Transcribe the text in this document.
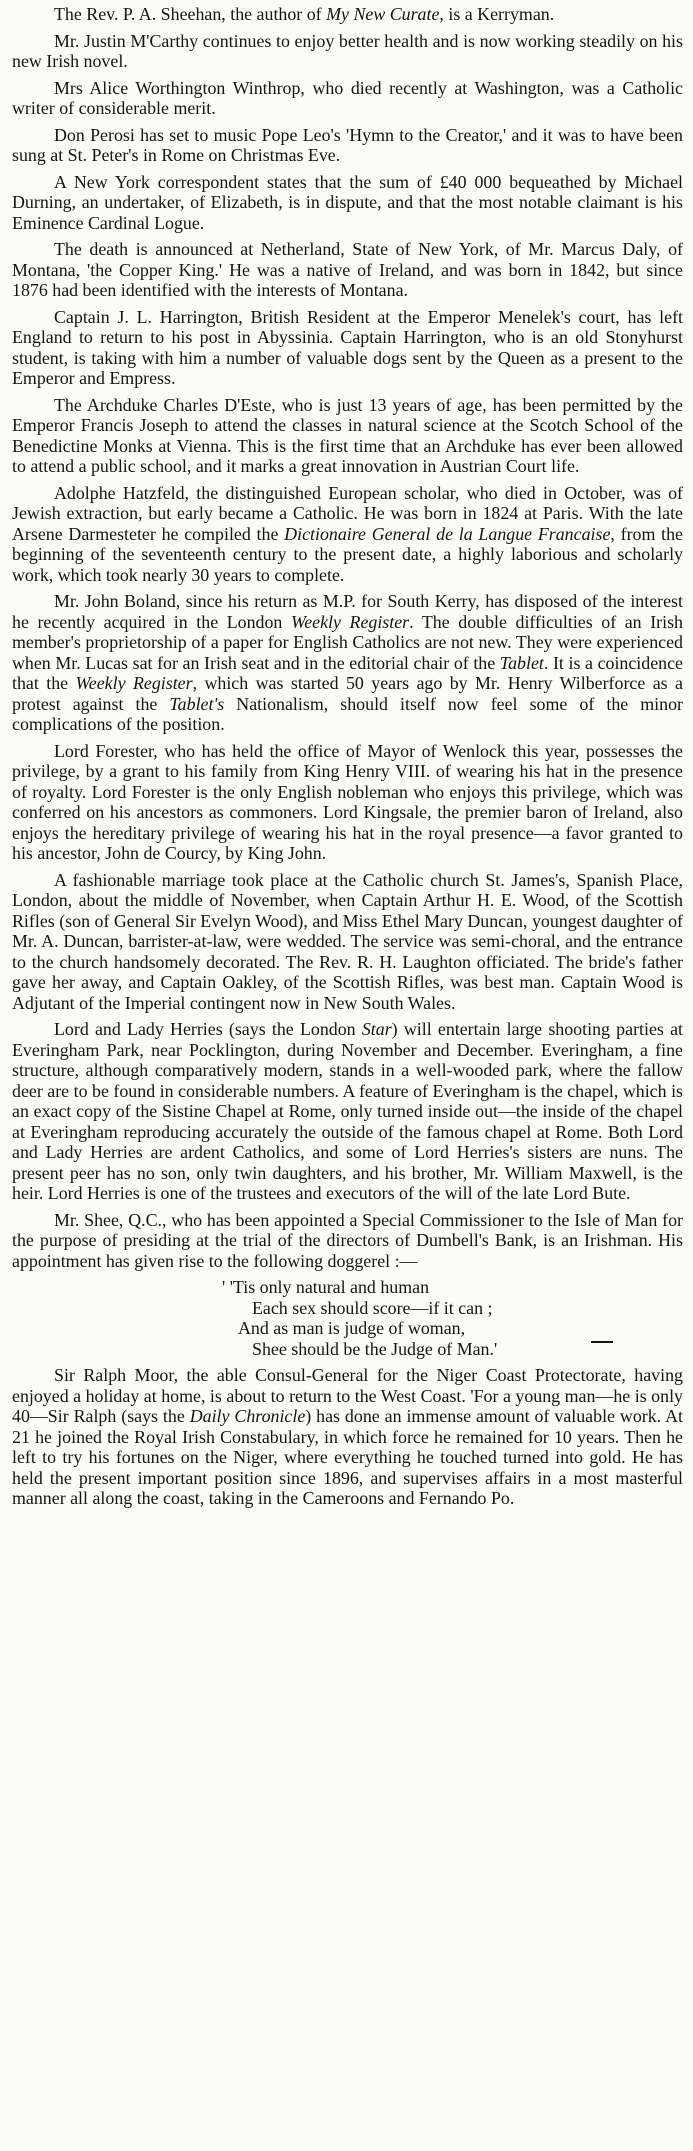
The Rev. P. A. Sheehan, the author of My New Curate, is a Kerryman.

Mr. Justin M'Carthy continues to enjoy better health and is now working steadily on his new Irish novel.

Mrs Alice Worthington Winthrop, who died recently at Washington, was a Catholic writer of considerable merit.

Don Perosi has set to music Pope Leo's 'Hymn to the Creator,' and it was to have been sung at St. Peter's in Rome on Christmas Eve.

A New York correspondent states that the sum of £40 000 bequeathed by Michael Durning, an undertaker, of Elizabeth, is in dispute, and that the most notable claimant is his Eminence Cardinal Logue.

The death is announced at Netherland, State of New York, of Mr. Marcus Daly, of Montana, 'the Copper King.' He was a native of Ireland, and was born in 1842, but since 1876 had been identified with the interests of Montana.

Captain J. L. Harrington, British Resident at the Emperor Menelek's court, has left England to return to his post in Abyssinia. Captain Harrington, who is an old Stonyhurst student, is taking with him a number of valuable dogs sent by the Queen as a present to the Emperor and Empress.

The Archduke Charles D'Este, who is just 13 years of age, has been permitted by the Emperor Francis Joseph to attend the classes in natural science at the Scotch School of the Benedictine Monks at Vienna. This is the first time that an Archduke has ever been allowed to attend a public school, and it marks a great innovation in Austrian Court life.

Adolphe Hatzfeld, the distinguished European scholar, who died in October, was of Jewish extraction, but early became a Catholic. He was born in 1824 at Paris. With the late Arsene Darmesteter he compiled the Dictionaire General de la Langue Francaise, from the beginning of the seventeenth century to the present date, a highly laborious and scholarly work, which took nearly 30 years to complete.

Mr. John Boland, since his return as M.P. for South Kerry, has disposed of the interest he recently acquired in the London Weekly Register. The double difficulties of an Irish member's proprietorship of a paper for English Catholics are not new. They were experienced when Mr. Lucas sat for an Irish seat and in the editorial chair of the Tablet. It is a coincidence that the Weekly Register, which was started 50 years ago by Mr. Henry Wilberforce as a protest against the Tablet's Nationalism, should itself now feel some of the minor complications of the position.

Lord Forester, who has held the office of Mayor of Wenlock this year, possesses the privilege, by a grant to his family from King Henry VIII. of wearing his hat in the presence of royalty. Lord Forester is the only English nobleman who enjoys this privilege, which was conferred on his ancestors as commoners. Lord Kingsale, the premier baron of Ireland, also enjoys the hereditary privilege of wearing his hat in the royal presence—a favor granted to his ancestor, John de Courcy, by King John.

A fashionable marriage took place at the Catholic church St. James's, Spanish Place, London, about the middle of November, when Captain Arthur H. E. Wood, of the Scottish Rifles (son of General Sir Evelyn Wood), and Miss Ethel Mary Duncan, youngest daughter of Mr. A. Duncan, barrister-at-law, were wedded. The service was semi-choral, and the entrance to the church handsomely decorated. The Rev. R. H. Laughton officiated. The bride's father gave her away, and Captain Oakley, of the Scottish Rifles, was best man. Captain Wood is Adjutant of the Imperial contingent now in New South Wales.

Lord and Lady Herries (says the London Star) will entertain large shooting parties at Everingham Park, near Pocklington, during November and December. Everingham, a fine structure, although comparatively modern, stands in a well-wooded park, where the fallow deer are to be found in considerable numbers. A feature of Everingham is the chapel, which is an exact copy of the Sistine Chapel at Rome, only turned inside out—the inside of the chapel at Everingham reproducing accurately the outside of the famous chapel at Rome. Both Lord and Lady Herries are ardent Catholics, and some of Lord Herries's sisters are nuns. The present peer has no son, only twin daughters, and his brother, Mr. William Maxwell, is the heir. Lord Herries is one of the trustees and executors of the will of the late Lord Bute.

Mr. Shee, Q.C., who has been appointed a Special Commissioner to the Isle of Man for the purpose of presiding at the trial of the directors of Dumbell's Bank, is an Irishman. His appointment has given rise to the following doggerel :—

' 'Tis only natural and human
Each sex should score—if it can ;
And as man is judge of woman,
Shee should be the Judge of Man.'

Sir Ralph Moor, the able Consul-General for the Niger Coast Protectorate, having enjoyed a holiday at home, is about to return to the West Coast. 'For a young man—he is only 40—Sir Ralph (says the Daily Chronicle) has done an immense amount of valuable work. At 21 he joined the Royal Irish Constabulary, in which force he remained for 10 years. Then he left to try his fortunes on the Niger, where everything he touched turned into gold. He has held the present important position since 1896, and supervises affairs in a most masterful manner all along the coast, taking in the Cameroons and Fernando Po.
